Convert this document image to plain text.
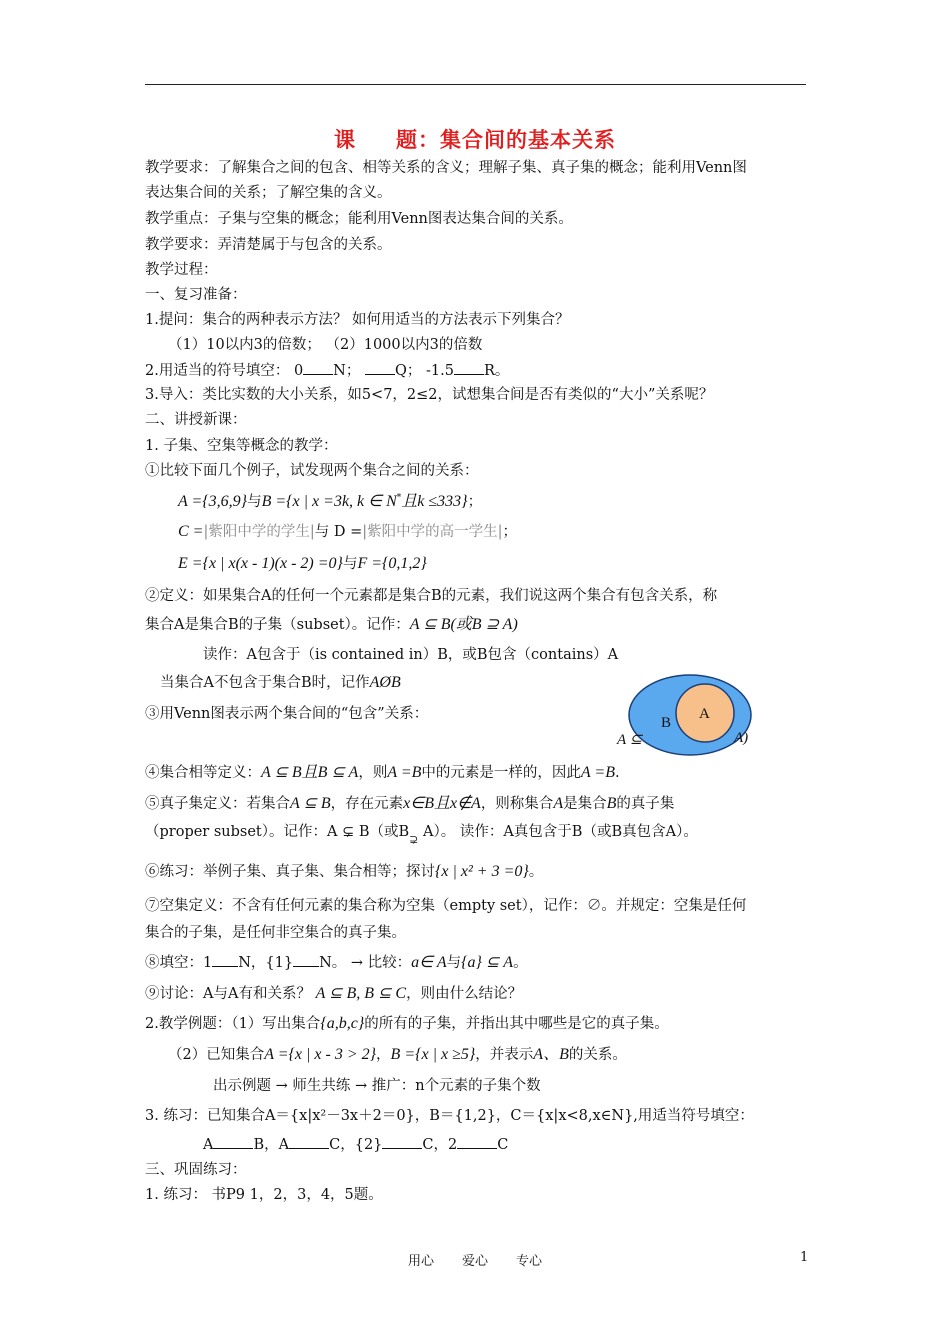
课 题：集合间的基本关系
教学要求：了解集合之间的包含、相等关系的含义；理解子集、真子集的概念；能利用Venn图
表达集合间的关系；了解空集的含义。
教学重点：子集与空集的概念；能利用Venn图表达集合间的关系。
教学要求：弄清楚属于与包含的关系。
教学过程：
一、复习准备：
1.提问：集合的两种表示方法？ 如何用适当的方法表示下列集合？
（1）10以内3的倍数； （2）1000以内3的倍数
2.用适当的符号填空： 0 N； Q； -1.5 R。
3.导入：类比实数的大小关系，如5<7，2≤2，试想集合间是否有类似的“大小”关系呢？
二、讲授新课：
1. 子集、空集等概念的教学：
①比较下面几个例子，试发现两个集合之间的关系：
A ={3,6,9}与B ={x | x =3k, k ∈ N*且k ≤333}；
C =|紫阳中学的学生|与 D =|紫阳中学的高一学生|；
E ={x | x(x - 1)(x - 2) =0}与F ={0,1,2}
②定义：如果集合A的任何一个元素都是集合B的元素，我们说这两个集合有包含关系，称
集合A是集合B的子集（subset）。记作：A ⊆ B(或B ⊇ A)
读作：A包含于（is contained in）B，或B包含（contains）A
当集合A不包含于集合B时，记作AØB
③用Venn图表示两个集合间的“包含”关系：
B
A
A ⊆	A)
④集合相等定义：A ⊆ B且B ⊆ A，则A =B中的元素是一样的，因此A =B.
⑤真子集定义：若集合A ⊆ B，存在元素x∈B且x∉A，则称集合A是集合B的真子集
（proper subset）。记作：A ⊊ B（或$B_⊋$ A）。 读作：A真包含于B（或B真包含A）。
⑥练习：举例子集、真子集、集合相等；探讨{x | x² + 3 =0}。
⑦空集定义：不含有任何元素的集合称为空集（empty set），记作：∅。并规定：空集是任何
集合的子集，是任何非空集合的真子集。
⑧填空：1 N，{1} N。 → 比较：a∈ A与{a} ⊆ A。
⑨讨论：A与A有和关系？ A ⊆ B, B ⊆ C，则由什么结论？
2.教学例题：（1）写出集合{a,b,c}的所有的子集，并指出其中哪些是它的真子集。
（2）已知集合A ={x | x - 3 > 2}，B ={x | x ≥5}，并表示A、B的关系。
出示例题 → 师生共练 → 推广：n个元素的子集个数
3. 练习：已知集合A＝{x|x²－3x＋2＝0}，B＝{1,2}，C＝{x|x<8,x∈N},用适当符号填空：
A	B，A	C，{2}	C，2	C
三、巩固练习：
1. 练习： 书P9 1，2，3，4，5题。
用心 爱心 专心	1
